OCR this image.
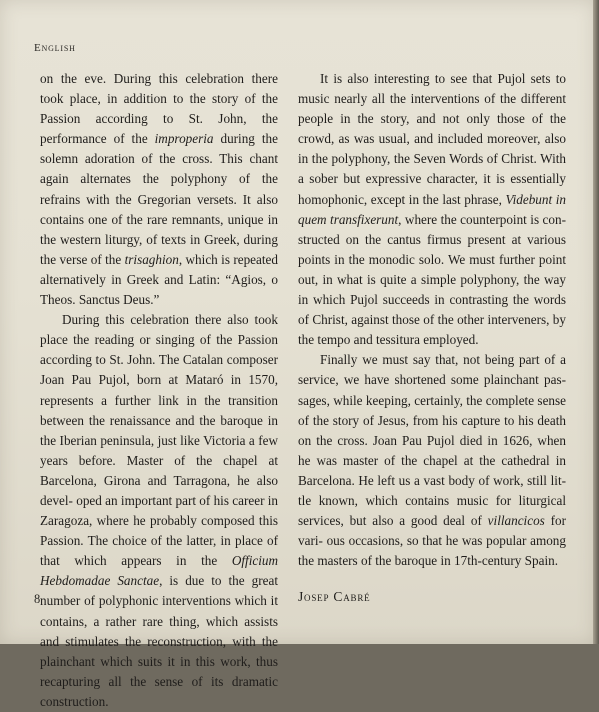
English

on the eve. During this celebration there took place, in addition to the story of the Passion according to St. John, the performance of the improperia during the solemn adoration of the cross. This chant again alternates the polyphony of the refrains with the Gregorian versets. It also contains one of the rare remnants, unique in the western liturgy, of texts in Greek, during the verse of the trisaghion, which is repeated alternatively in Greek and Latin: “Agios, o Theos. Sanctus Deus.”

During this celebration there also took place the reading or singing of the Passion according to St. John. The Catalan composer Joan Pau Pujol, born at Mataró in 1570, represents a further link in the transition between the renaissance and the baroque in the Iberian peninsula, just like Victoria a few years before. Master of the chapel at Barcelona, Girona and Tarragona, he also devel- oped an important part of his career in Zaragoza, where he probably composed this Passion. The choice of the latter, in place of that which appears in the Officium Hebdomadae Sanctae, is due to the great number of polyphonic interventions which it contains, a rather rare thing, which assists and stimulates the reconstruction, with the plainchant which suits it in this work, thus recapturing all the sense of its dramatic construction.

It is also interesting to see that Pujol sets to music nearly all the interventions of the different people in the story, and not only those of the crowd, as was usual, and included moreover, also in the polyphony, the Seven Words of Christ. With a sober but expressive character, it is essentially homophonic, except in the last phrase, Videbunt in quem transfixerunt, where the counterpoint is con- structed on the cantus firmus present at various points in the monodic solo. We must further point out, in what is quite a simple polyphony, the way in which Pujol succeeds in contrasting the words of Christ, against those of the other interveners, by the tempo and tessitura employed.

Finally we must say that, not being part of a service, we have shortened some plainchant pas- sages, while keeping, certainly, the complete sense of the story of Jesus, from his capture to his death on the cross. Joan Pau Pujol died in 1626, when he was master of the chapel at the cathedral in Barcelona. He left us a vast body of work, still lit- tle known, which contains music for liturgical services, but also a good deal of villancicos for vari- ous occasions, so that he was popular among the masters of the baroque in 17th-century Spain.

Josep Cabré

8
